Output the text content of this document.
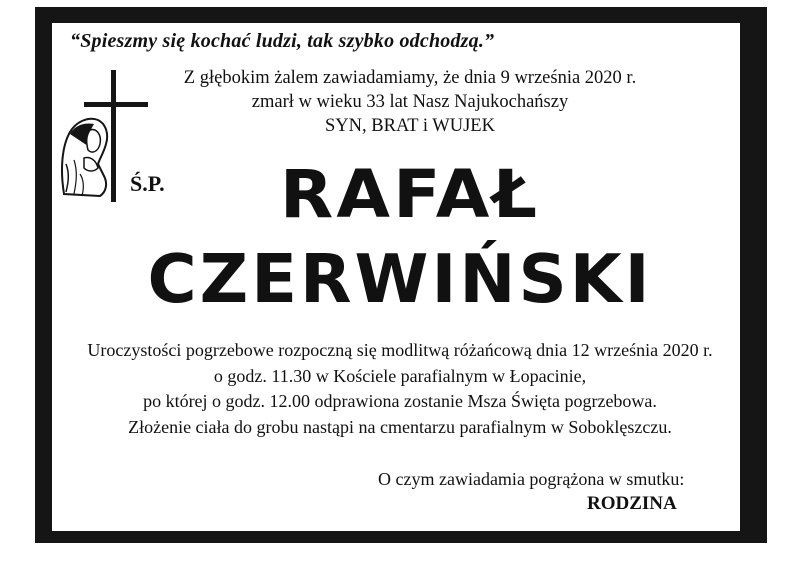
“Spieszmy się kochać ludzi, tak szybko odchodzą.”
Z głębokim żalem zawiadamiamy, że dnia 9 września 2020 r.
zmarł w wieku 33 lat Nasz Najukochańszy
SYN, BRAT i WUJEK
Ś.P.	RAFAŁ
CZERWIŃSKI
Uroczystości pogrzebowe rozpoczną się modlitwą różańcową dnia 12 września 2020 r.
o godz. 11.30 w Kościele parafialnym w Łopacinie,
po której o godz. 12.00 odprawiona zostanie Msza Święta pogrzebowa.
Złożenie ciała do grobu nastąpi na cmentarzu parafialnym w Soboklęszczu.
O czym zawiadamia pogrążona w smutku:
RODZINA
DRUK: Z.U.P. "HADES" R.Żurawski tel. 023 672 14 88, 662 198 820
